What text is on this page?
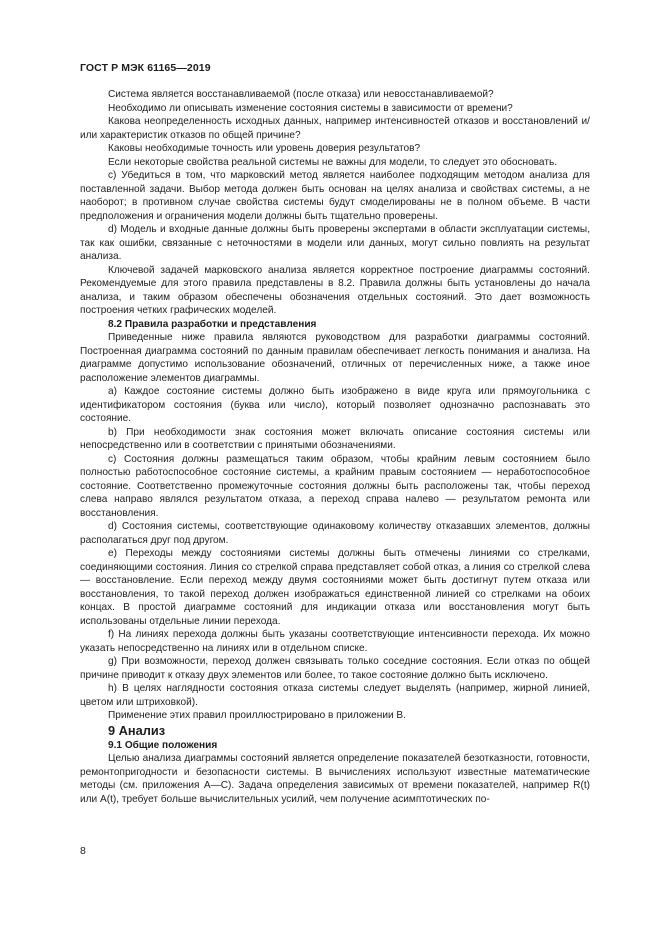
ГОСТ Р МЭК 61165—2019

Система является восстанавливаемой (после отказа) или невосстанавливаемой?

Необходимо ли описывать изменение состояния системы в зависимости от времени?

Какова неопределенность исходных данных, например интенсивностей отказов и восстановлений и/или характеристик отказов по общей причине?

Каковы необходимые точность или уровень доверия результатов?

Если некоторые свойства реальной системы не важны для модели, то следует это обосновать.

c) Убедиться в том, что марковский метод является наиболее подходящим методом анализа для поставленной задачи. Выбор метода должен быть основан на целях анализа и свойствах системы, а не наоборот; в противном случае свойства системы будут смоделированы не в полном объеме. В части предположения и ограничения модели должны быть тщательно проверены.

d) Модель и входные данные должны быть проверены экспертами в области эксплуатации системы, так как ошибки, связанные с неточностями в модели или данных, могут сильно повлиять на результат анализа.

Ключевой задачей марковского анализа является корректное построение диаграммы состояний. Рекомендуемые для этого правила представлены в 8.2. Правила должны быть установлены до начала анализа, и таким образом обеспечены обозначения отдельных состояний. Это дает возможность построения четких графических моделей.

8.2 Правила разработки и представления

Приведенные ниже правила являются руководством для разработки диаграммы состояний. Построенная диаграмма состояний по данным правилам обеспечивает легкость понимания и анализа. На диаграмме допустимо использование обозначений, отличных от перечисленных ниже, а также иное расположение элементов диаграммы.

a) Каждое состояние системы должно быть изображено в виде круга или прямоугольника с идентификатором состояния (буква или число), который позволяет однозначно распознавать это состояние.

b) При необходимости знак состояния может включать описание состояния системы или непосредственно или в соответствии с принятыми обозначениями.

c) Состояния должны размещаться таким образом, чтобы крайним левым состоянием было полностью работоспособное состояние системы, а крайним правым состоянием — неработоспособное состояние. Соответственно промежуточные состояния должны быть расположены так, чтобы переход слева направо являлся результатом отказа, а переход справа налево — результатом ремонта или восстановления.

d) Состояния системы, соответствующие одинаковому количеству отказавших элементов, должны располагаться друг под другом.

e) Переходы между состояниями системы должны быть отмечены линиями со стрелками, соединяющими состояния. Линия со стрелкой справа представляет собой отказ, а линия со стрелкой слева — восстановление. Если переход между двумя состояниями может быть достигнут путем отказа или восстановления, то такой переход должен изображаться единственной линией со стрелками на обоих концах. В простой диаграмме состояний для индикации отказа или восстановления могут быть использованы отдельные линии перехода.

f) На линиях перехода должны быть указаны соответствующие интенсивности перехода. Их можно указать непосредственно на линиях или в отдельном списке.

g) При возможности, переход должен связывать только соседние состояния. Если отказ по общей причине приводит к отказу двух элементов или более, то такое состояние должно быть исключено.

h) В целях наглядности состояния отказа системы следует выделять (например, жирной линией, цветом или штриховкой).

Применение этих правил проиллюстрировано в приложении В.

9 Анализ

9.1 Общие положения

Целью анализа диаграммы состояний является определение показателей безотказности, готовности, ремонтопригодности и безопасности системы. В вычислениях используют известные математические методы (см. приложения А—С). Задача определения зависимых от времени показателей, например R(t) или A(t), требует больше вычислительных усилий, чем получение асимптотических по-

8
